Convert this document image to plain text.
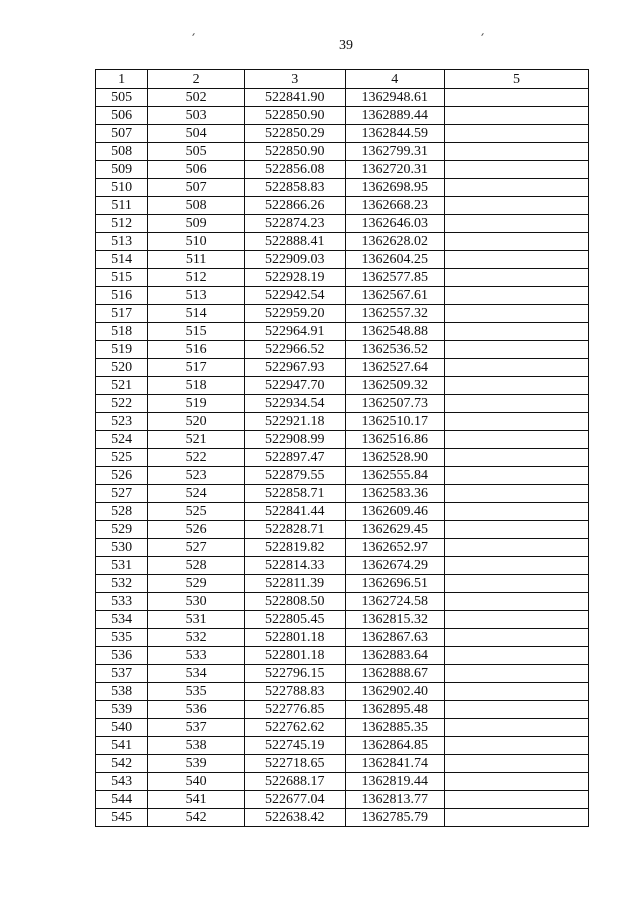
39
1	2	3	4	5
505	502	522841.90	1362948.61	
506	503	522850.90	1362889.44	
507	504	522850.29	1362844.59	
508	505	522850.90	1362799.31	
509	506	522856.08	1362720.31	
510	507	522858.83	1362698.95	
511	508	522866.26	1362668.23	
512	509	522874.23	1362646.03	
513	510	522888.41	1362628.02	
514	511	522909.03	1362604.25	
515	512	522928.19	1362577.85	
516	513	522942.54	1362567.61	
517	514	522959.20	1362557.32	
518	515	522964.91	1362548.88	
519	516	522966.52	1362536.52	
520	517	522967.93	1362527.64	
521	518	522947.70	1362509.32	
522	519	522934.54	1362507.73	
523	520	522921.18	1362510.17	
524	521	522908.99	1362516.86	
525	522	522897.47	1362528.90	
526	523	522879.55	1362555.84	
527	524	522858.71	1362583.36	
528	525	522841.44	1362609.46	
529	526	522828.71	1362629.45	
530	527	522819.82	1362652.97	
531	528	522814.33	1362674.29	
532	529	522811.39	1362696.51	
533	530	522808.50	1362724.58	
534	531	522805.45	1362815.32	
535	532	522801.18	1362867.63	
536	533	522801.18	1362883.64	
537	534	522796.15	1362888.67	
538	535	522788.83	1362902.40	
539	536	522776.85	1362895.48	
540	537	522762.62	1362885.35	
541	538	522745.19	1362864.85	
542	539	522718.65	1362841.74	
543	540	522688.17	1362819.44	
544	541	522677.04	1362813.77	
545	542	522638.42	1362785.79	
